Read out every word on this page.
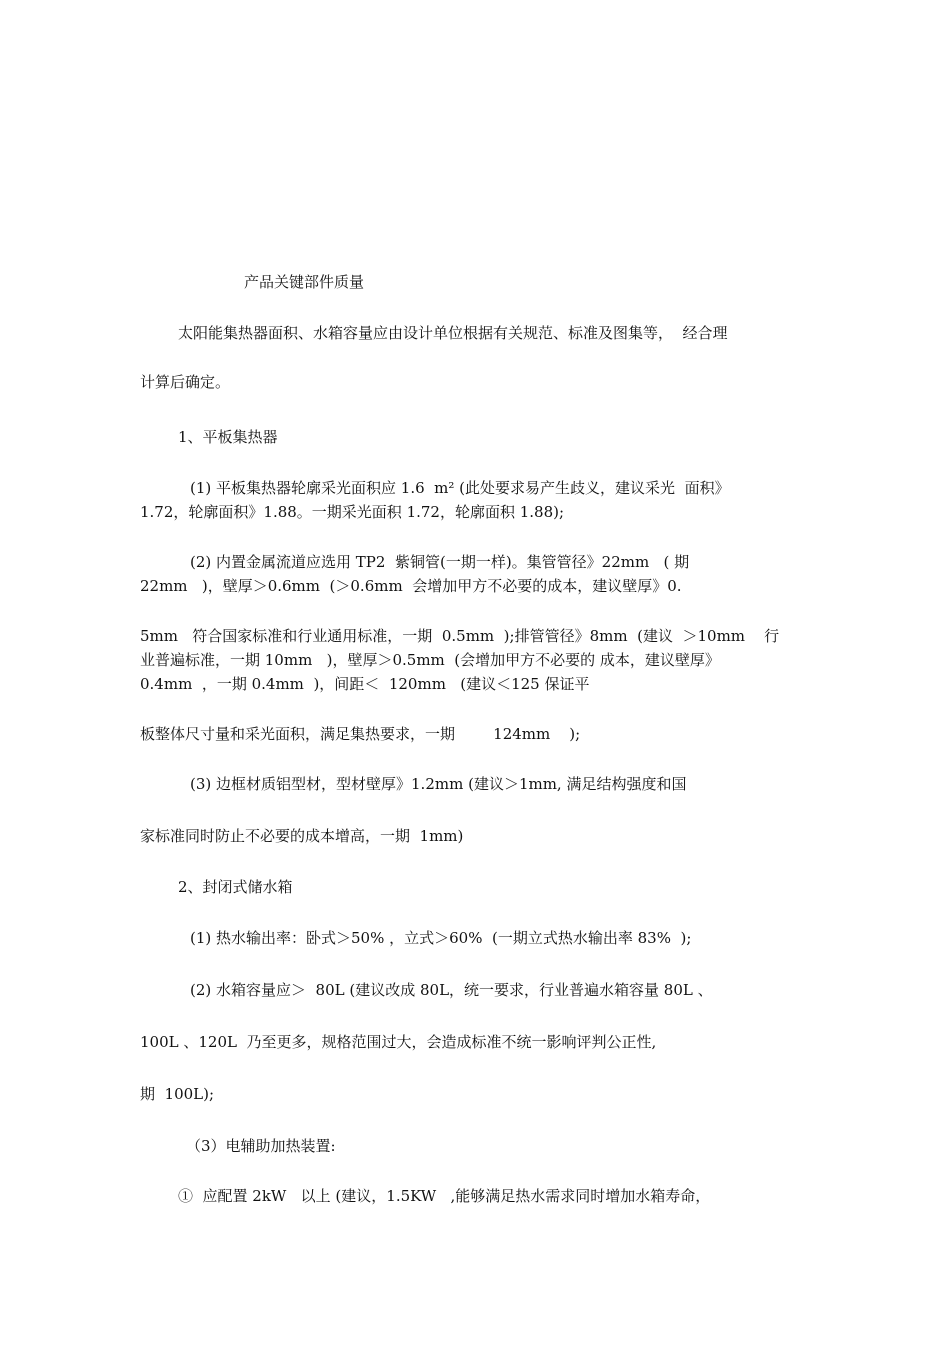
产品关键部件质量
太阳能集热器面积、水箱容量应由设计单位根据有关规范、标准及图集等，  经合理
计算后确定。
1、平板集热器
(1) 平板集热器轮廓采光面积应 1.6  m² (此处要求易产生歧义，建议采光  面积》
1.72，轮廓面积》1.88。一期采光面积 1.72，轮廓面积 1.88);
(2) 内置金属流道应选用 TP2  紫铜管(一期一样)。集管管径》22mm   ( 期
22mm   )，壁厚＞0.6mm  (＞0.6mm  会增加甲方不必要的成本，建议壁厚》0.
5mm   符合国家标准和行业通用标准，一期  0.5mm  );排管管径》8mm  (建议  ＞10mm    行
业普遍标准，一期 10mm   )，壁厚＞0.5mm  (会增加甲方不必要的 成本，建议壁厚》
0.4mm  ，一期 0.4mm  )，间距＜  120mm   (建议＜125 保证平
板整体尺寸量和采光面积，满足集热要求，一期        124mm    );
(3) 边框材质铝型材，型材壁厚》1.2mm (建议＞1mm, 满足结构强度和国
家标准同时防止不必要的成本增高，一期  1mm)
2、封闭式储水箱
(1) 热水输出率：卧式＞50% ，立式＞60%  (一期立式热水输出率 83%  );
(2) 水箱容量应＞  80L (建议改成 80L，统一要求，行业普遍水箱容量 80L 、
100L 、120L  乃至更多，规格范围过大，会造成标准不统一影响评判公正性,
期  100L);
（3）电辅助加热装置:
①  应配置 2kW   以上 (建议，1.5KW   ,能够满足热水需求同时增加水箱寿命，
